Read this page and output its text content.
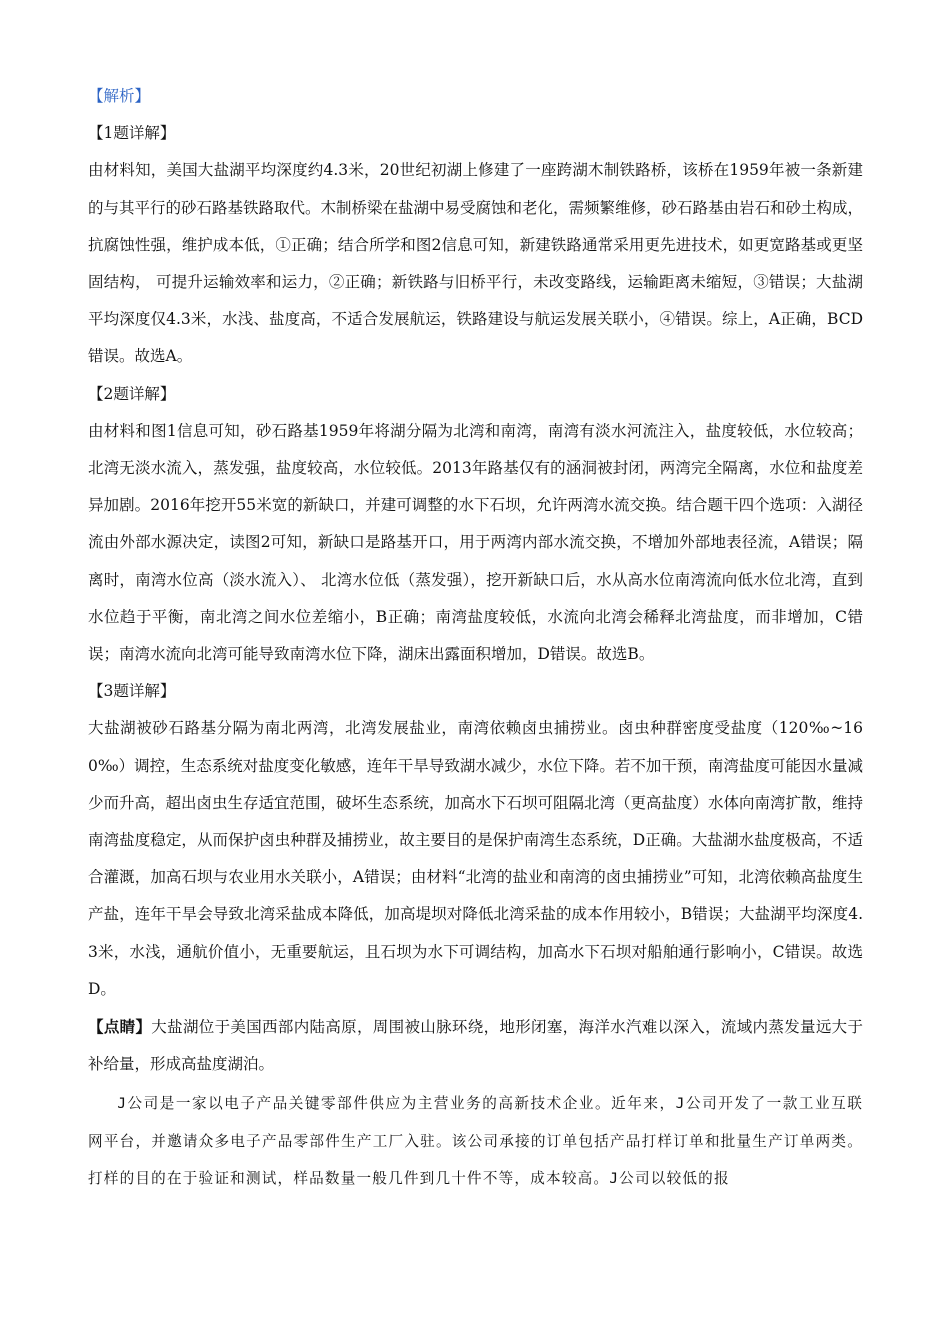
【解析】

【1题详解】

由材料知，美国大盐湖平均深度约4.3米，20世纪初湖上修建了一座跨湖木制铁路桥，该桥在1959年被一条新建的与其平行的砂石路基铁路取代。木制桥梁在盐湖中易受腐蚀和老化，需频繁维修，砂石路基由岩石和砂土构成，抗腐蚀性强，维护成本低，①正确；结合所学和图2信息可知，新建铁路通常采用更先进技术，如更宽路基或更坚固结构， 可提升运输效率和运力，②正确；新铁路与旧桥平行，未改变路线，运输距离未缩短，③错误；大盐湖平均深度仅4.3米，水浅、盐度高，不适合发展航运，铁路建设与航运发展关联小，④错误。综上，A正确，BCD错误。故选A。

【2题详解】

由材料和图1信息可知，砂石路基1959年将湖分隔为北湾和南湾，南湾有淡水河流注入，盐度较低，水位较高；北湾无淡水流入，蒸发强，盐度较高，水位较低。2013年路基仅有的涵洞被封闭，两湾完全隔离，水位和盐度差异加剧。2016年挖开55米宽的新缺口，并建可调整的水下石坝，允许两湾水流交换。结合题干四个选项：入湖径流由外部水源决定，读图2可知，新缺口是路基开口，用于两湾内部水流交换，不增加外部地表径流，A错误；隔离时，南湾水位高（淡水流入）、 北湾水位低（蒸发强），挖开新缺口后，水从高水位南湾流向低水位北湾，直到水位趋于平衡，南北湾之间水位差缩小，B正确；南湾盐度较低，水流向北湾会稀释北湾盐度，而非增加，C错误；南湾水流向北湾可能导致南湾水位下降，湖床出露面积增加，D错误。故选B。

【3题详解】

大盐湖被砂石路基分隔为南北两湾，北湾发展盐业，南湾依赖卤虫捕捞业。卤虫种群密度受盐度（120‰~160‰）调控，生态系统对盐度变化敏感，连年干旱导致湖水减少，水位下降。若不加干预，南湾盐度可能因水量减少而升高，超出卤虫生存适宜范围，破坏生态系统，加高水下石坝可阻隔北湾（更高盐度）水体向南湾扩散，维持南湾盐度稳定，从而保护卤虫种群及捕捞业，故主要目的是保护南湾生态系统，D正确。大盐湖水盐度极高，不适合灌溉，加高石坝与农业用水关联小，A错误；由材料“北湾的盐业和南湾的卤虫捕捞业”可知，北湾依赖高盐度生产盐，连年干旱会导致北湾采盐成本降低，加高堤坝对降低北湾采盐的成本作用较小，B错误；大盐湖平均深度4.3米，水浅，通航价值小，无重要航运，且石坝为水下可调结构，加高水下石坝对船舶通行影响小，C错误。故选D。

【点睛】大盐湖位于美国西部内陆高原，周围被山脉环绕，地形闭塞，海洋水汽难以深入，流域内蒸发量远大于补给量，形成高盐度湖泊。

J公司是一家以电子产品关键零部件供应为主营业务的高新技术企业。近年来，J公司开发了一款工业互联网平台，并邀请众多电子产品零部件生产工厂入驻。该公司承接的订单包括产品打样订单和批量生产订单两类。打样的目的在于验证和测试，样品数量一般几件到几十件不等，成本较高。J公司以较低的报
